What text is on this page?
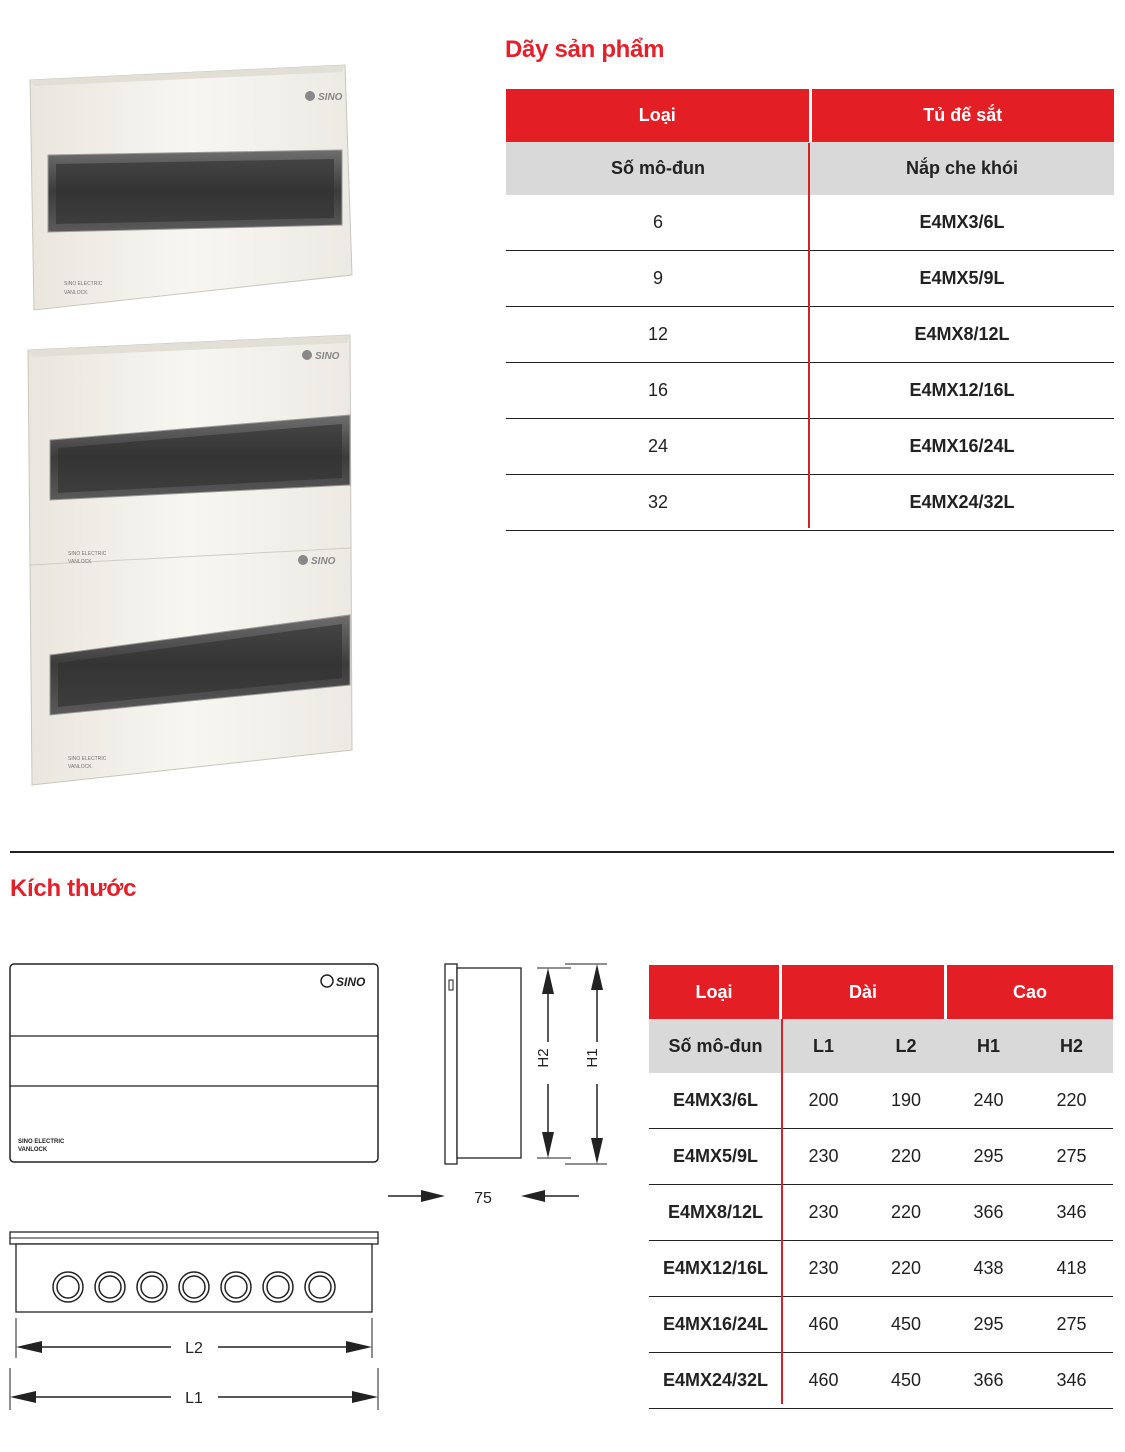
SINO
SINO ELECTRIC
VANLOCK
SINO
SINO
SINO ELECTRIC
VANLOCK
SINO ELECTRIC
VANLOCK
Dãy sản phẩm
Loại	Tủ đế sắt
Số mô-đun	Nắp che khói
6	E4MX3/6L
9	E4MX5/9L
12	E4MX8/12L
16	E4MX12/16L
24	E4MX16/24L
32	E4MX24/32L
Kích thước
SINO
SINO ELECTRIC
VANLOCK
H2 H1
75
L2
L1
Loại	Dài	Cao
Số mô-đun	L1	L2	H1	H2
E4MX3/6L	200	190	240	220
E4MX5/9L	230	220	295	275
E4MX8/12L	230	220	366	346
E4MX12/16L	230	220	438	418
E4MX16/24L	460	450	295	275
E4MX24/32L	460	450	366	346
